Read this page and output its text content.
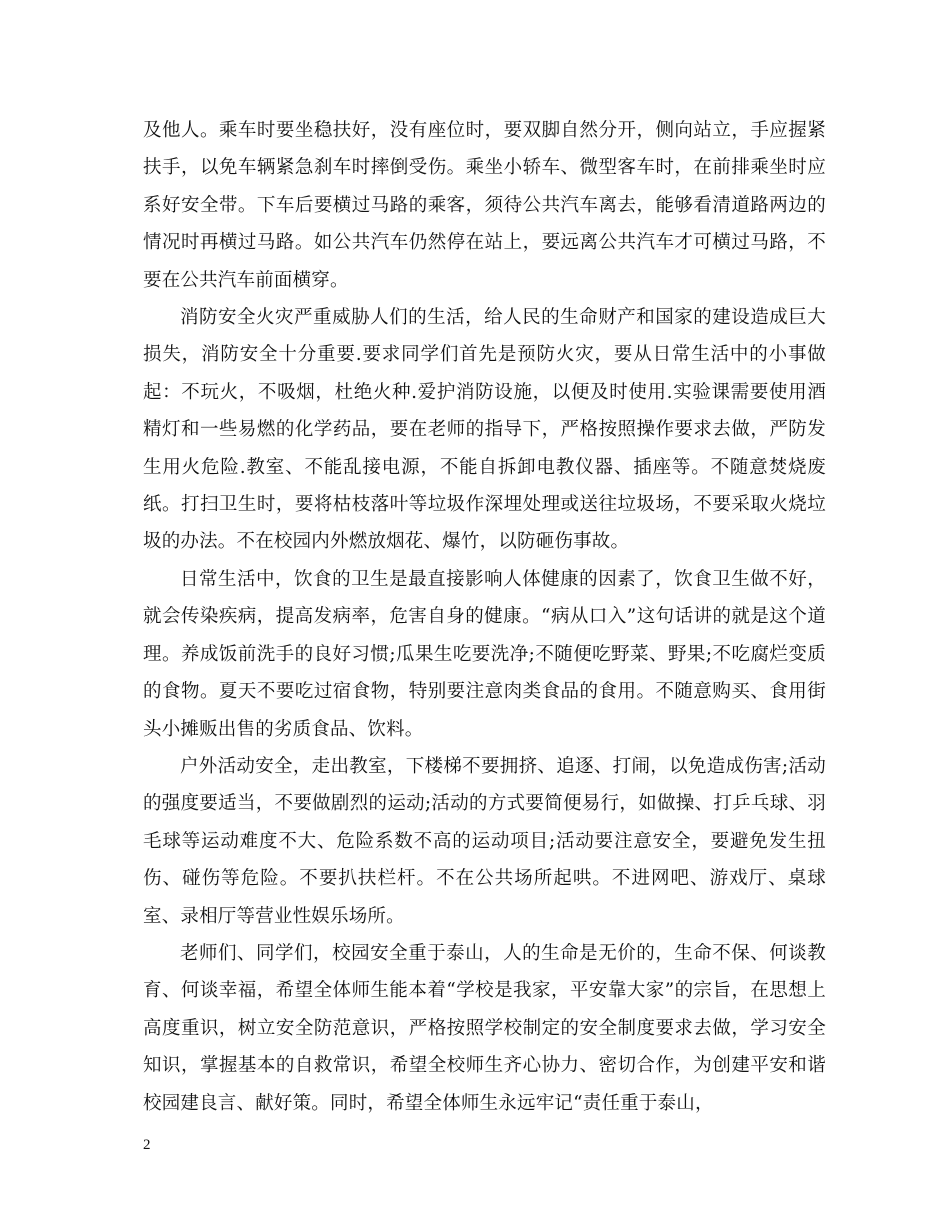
及他人。乘车时要坐稳扶好，没有座位时，要双脚自然分开，侧向站立，手应握紧扶手，以免车辆紧急刹车时摔倒受伤。乘坐小轿车、微型客车时，在前排乘坐时应系好安全带。下车后要横过马路的乘客，须待公共汽车离去，能够看清道路两边的情况时再横过马路。如公共汽车仍然停在站上，要远离公共汽车才可横过马路，不要在公共汽车前面横穿。

消防安全火灾严重威胁人们的生活，给人民的生命财产和国家的建设造成巨大损失，消防安全十分重要.要求同学们首先是预防火灾，要从日常生活中的小事做起：不玩火，不吸烟，杜绝火种.爱护消防设施，以便及时使用.实验课需要使用酒精灯和一些易燃的化学药品，要在老师的指导下，严格按照操作要求去做，严防发生用火危险.教室、不能乱接电源，不能自拆卸电教仪器、插座等。不随意焚烧废纸。打扫卫生时，要将枯枝落叶等垃圾作深埋处理或送往垃圾场，不要采取火烧垃圾的办法。不在校园内外燃放烟花、爆竹，以防砸伤事故。

日常生活中，饮食的卫生是最直接影响人体健康的因素了，饮食卫生做不好，就会传染疾病，提高发病率，危害自身的健康。“病从口入”这句话讲的就是这个道理。养成饭前洗手的良好习惯;瓜果生吃要洗净;不随便吃野菜、野果;不吃腐烂变质的食物。夏天不要吃过宿食物，特别要注意肉类食品的食用。不随意购买、食用街头小摊贩出售的劣质食品、饮料。

户外活动安全，走出教室，下楼梯不要拥挤、追逐、打闹，以免造成伤害;活动的强度要适当，不要做剧烈的运动;活动的方式要简便易行，如做操、打乒乓球、羽毛球等运动难度不大、危险系数不高的运动项目;活动要注意安全，要避免发生扭伤、碰伤等危险。不要扒扶栏杆。不在公共场所起哄。不进网吧、游戏厅、桌球室、录相厅等营业性娱乐场所。

老师们、同学们，校园安全重于泰山，人的生命是无价的，生命不保、何谈教育、何谈幸福，希望全体师生能本着“学校是我家，平安靠大家”的宗旨，在思想上高度重识，树立安全防范意识，严格按照学校制定的安全制度要求去做，学习安全知识，掌握基本的自救常识，希望全校师生齐心协力、密切合作，为创建平安和谐校园建良言、献好策。同时，希望全体师生永远牢记“责任重于泰山，

2
